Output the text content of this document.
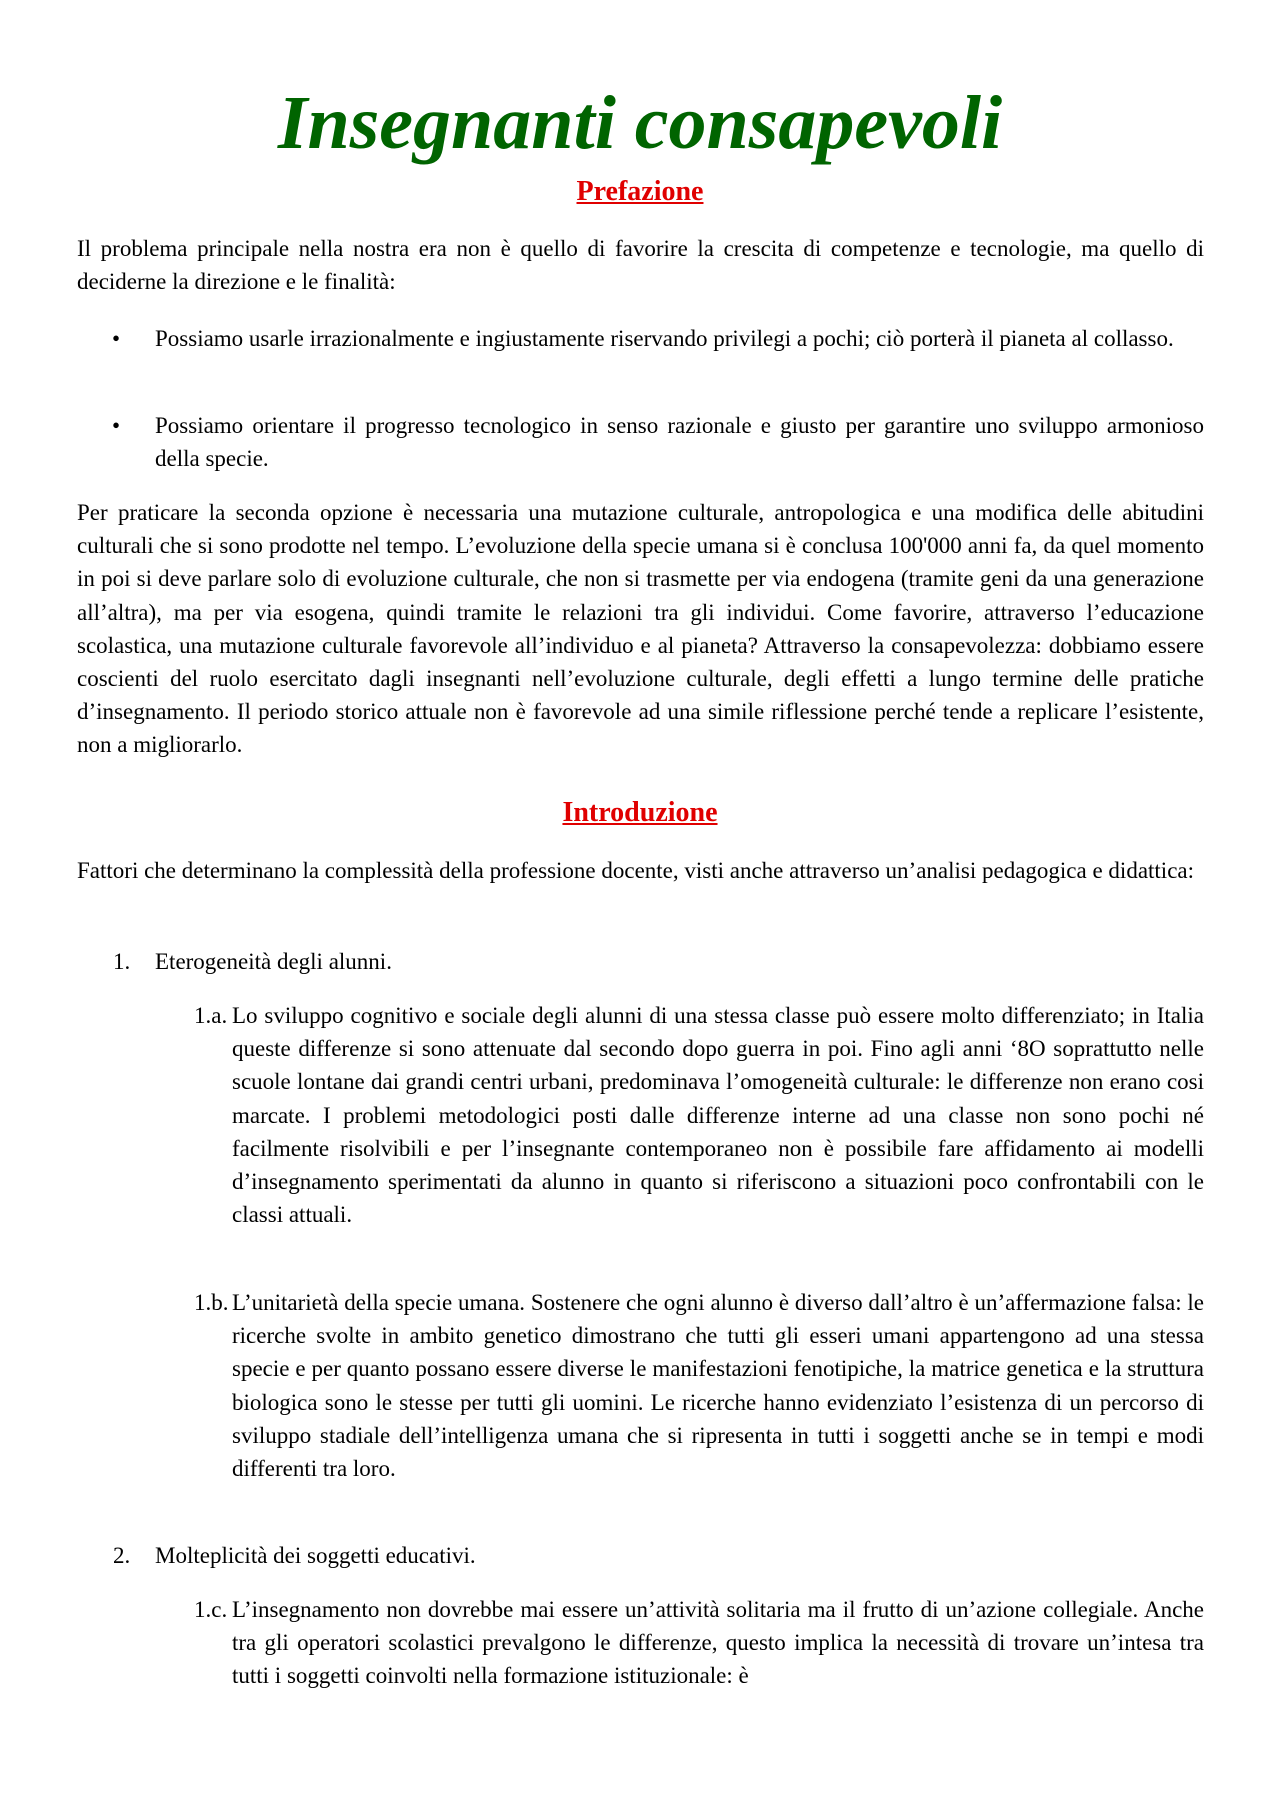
Insegnanti consapevoli
Prefazione

Il problema principale nella nostra era non è quello di favorire la crescita di competenze e tecnologie, ma quello di deciderne la direzione e le finalità:

•	Possiamo usarle irrazionalmente e ingiustamente riservando privilegi a pochi; ciò porterà il pianeta al collasso.
•	Possiamo orientare il progresso tecnologico in senso razionale e giusto per garantire uno sviluppo armonioso della specie.

Per praticare la seconda opzione è necessaria una mutazione culturale, antropologica e una modifica delle abitudini culturali che si sono prodotte nel tempo. L’evoluzione della specie umana si è conclusa 100'000 anni fa, da quel momento in poi si deve parlare solo di evoluzione culturale, che non si trasmette per via endogena (tramite geni da una generazione all’altra), ma per via esogena, quindi tramite le relazioni tra gli individui. Come favorire, attraverso l’educazione scolastica, una mutazione culturale favorevole all’individuo e al pianeta? Attraverso la consapevolezza: dobbiamo essere coscienti del ruolo esercitato dagli insegnanti nell’evoluzione culturale, degli effetti a lungo termine delle pratiche d’insegnamento. Il periodo storico attuale non è favorevole ad una simile riflessione perché tende a replicare l’esistente, non a migliorarlo.

Introduzione

Fattori che determinano la complessità della professione docente, visti anche attraverso un’analisi pedagogica e didattica:

1. Eterogeneità degli alunni.
1.a. Lo sviluppo cognitivo e sociale degli alunni di una stessa classe può essere molto differenziato; in Italia queste differenze si sono attenuate dal secondo dopo guerra in poi. Fino agli anni ‘8O soprattutto nelle scuole lontane dai grandi centri urbani, predominava l’omogeneità culturale: le differenze non erano cosi marcate. I problemi metodologici posti dalle differenze interne ad una classe non sono pochi né facilmente risolvibili e per l’insegnante contemporaneo non è possibile fare affidamento ai modelli d’insegnamento sperimentati da alunno in quanto si riferiscono a situazioni poco confrontabili con le classi attuali.
1.b. L’unitarietà della specie umana. Sostenere che ogni alunno è diverso dall’altro è un’affermazione falsa: le ricerche svolte in ambito genetico dimostrano che tutti gli esseri umani appartengono ad una stessa specie e per quanto possano essere diverse le manifestazioni fenotipiche, la matrice genetica e la struttura biologica sono le stesse per tutti gli uomini. Le ricerche hanno evidenziato l’esistenza di un percorso di sviluppo stadiale dell’intelligenza umana che si ripresenta in tutti i soggetti anche se in tempi e modi differenti tra loro.
2. Molteplicità dei soggetti educativi.
1.c. L’insegnamento non dovrebbe mai essere un’attività solitaria ma il frutto di un’azione collegiale. Anche tra gli operatori scolastici prevalgono le differenze, questo implica la necessità di trovare un’intesa tra tutti i soggetti coinvolti nella formazione istituzionale: è
